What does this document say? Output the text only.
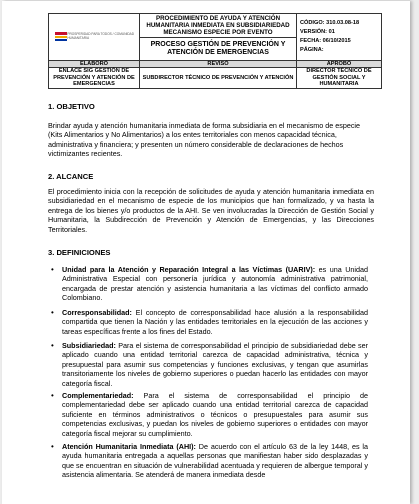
PROSPERIDAD PARA TODOS / COMUNIDAD HUMANITARIA	PROCEDIMIENTO DE AYUDA Y ATENCIÓN HUMANITARIA INMEDIATA EN SUBSIDIARIEDAD MECANISMO ESPECIE POR EVENTO	CÓDIGO: 310.03.08-18
VERSIÓN: 01
FECHA: 06/10/2015
PÁGINA:

	PROCESO GESTIÓN DE PREVENCIÓN Y ATENCIÓN DE EMERGENCIAS	
ELABORÓ	REVISÓ	APROBÓ
ENLACE SIG GESTIÓN DE PREVENCIÓN Y ATENCIÓN DE EMERGENCIAS	SUBDIRECTOR TÉCNICO DE PREVENCIÓN Y ATENCIÓN	DIRECTOR TÉCNICO DE GESTIÓN SOCIAL Y HUMANITARIA
1. OBJETIVO

Brindar ayuda y atención humanitaria inmediata de forma subsidiaria en el mecanismo de especie (Kits Alimentarios y No Alimentarios) a los entes territoriales con menos capacidad técnica, administrativa y financiera; y presenten un número considerable de declaraciones de hechos victimizantes recientes.

2. ALCANCE

El procedimiento inicia con la recepción de solicitudes de ayuda y atención humanitaria inmediata en subsidiariedad en el mecanismo de especie de los municipios que han formalizado, y va hasta la entrega de los bienes y/o productos de la AHI. Se ven involucradas la Dirección de Gestión Social y Humanitaria, la Subdirección de Prevención y Atención de Emergencias, y las Direcciones Territoriales.

3. DEFINICIONES
• Unidad para la Atención y Reparación Integral a las Víctimas (UARIV): es una Unidad Administrativa Especial con personería jurídica y autonomía administrativa patrimonial, encargada de prestar atención y asistencia humanitaria a las víctimas del conflicto armado Colombiano.
• Corresponsabilidad: El concepto de corresponsabilidad hace alusión a la responsabilidad compartida que tienen la Nación y las entidades territoriales en la ejecución de las acciones y tareas específicas frente a los fines del Estado.
• Subsidiariedad: Para el sistema de corresponsabilidad el principio de subsidiariedad debe ser aplicado cuando una entidad territorial carezca de capacidad administrativa, técnica y presupuestal para asumir sus competencias y funciones exclusivas, y tengan que asumirlas transitoriamente los niveles de gobierno superiores o puedan hacerlo las entidades con mayor categoría fiscal.
• Complementariedad: Para el sistema de corresponsabilidad el principio de complementariedad debe ser aplicado cuando una entidad territorial carezca de capacidad suficiente en términos administrativos o técnicos o presupuestales para asumir sus competencias exclusivas, y puedan los niveles de gobierno superiores o entidades con mayor categoría fiscal mejorar su cumplimiento.
• Atención Humanitaria Inmediata (AHI): De acuerdo con el artículo 63 de la ley 1448, es la ayuda humanitaria entregada a aquellas personas que manifiestan haber sido desplazadas y que se encuentran en situación de vulnerabilidad acentuada y requieren de albergue temporal y asistencia alimentaria. Se atenderá de manera inmediata desde
